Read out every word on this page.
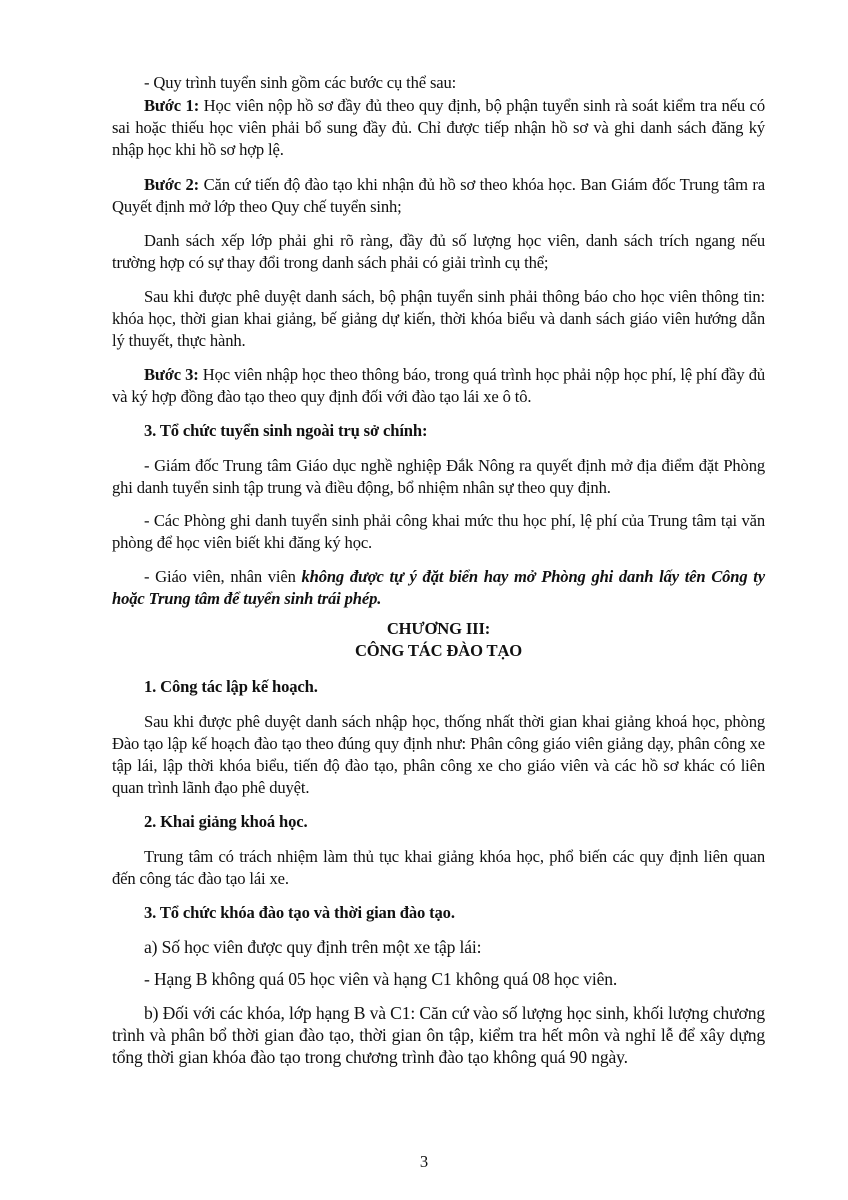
- Quy trình tuyển sinh gồm các bước cụ thể sau:
Bước 1: Học viên nộp hồ sơ đầy đủ theo quy định, bộ phận tuyển sinh rà soát kiểm tra nếu có sai hoặc thiếu học viên phải bổ sung đầy đủ. Chỉ được tiếp nhận hồ sơ và ghi danh sách đăng ký nhập học khi hồ sơ hợp lệ.
Bước 2: Căn cứ tiến độ đào tạo khi nhận đủ hồ sơ theo khóa học. Ban Giám đốc Trung tâm ra Quyết định mở lớp theo Quy chế tuyển sinh;
Danh sách xếp lớp phải ghi rõ ràng, đầy đủ số lượng học viên, danh sách trích ngang nếu trường hợp có sự thay đổi trong danh sách phải có giải trình cụ thể;
Sau khi được phê duyệt danh sách, bộ phận tuyển sinh phải thông báo cho học viên thông tin: khóa học, thời gian khai giảng, bế giảng dự kiến, thời khóa biểu và danh sách giáo viên hướng dẫn lý thuyết, thực hành.
Bước 3: Học viên nhập học theo thông báo, trong quá trình học phải nộp học phí, lệ phí đầy đủ và ký hợp đồng đào tạo theo quy định đối với đào tạo lái xe ô tô.
3. Tổ chức tuyển sinh ngoài trụ sở chính:
- Giám đốc Trung tâm Giáo dục nghề nghiệp Đắk Nông ra quyết định mở địa điểm đặt Phòng ghi danh tuyển sinh tập trung và điều động, bổ nhiệm nhân sự theo quy định.
- Các Phòng ghi danh tuyển sinh phải công khai mức thu học phí, lệ phí của Trung tâm tại văn phòng để học viên biết khi đăng ký học.
- Giáo viên, nhân viên không được tự ý đặt biển hay mở Phòng ghi danh lấy tên Công ty hoặc Trung tâm để tuyển sinh trái phép.
CHƯƠNG III:
CÔNG TÁC ĐÀO TẠO
1. Công tác lập kế hoạch.
Sau khi được phê duyệt danh sách nhập học, thống nhất thời gian khai giảng khoá học, phòng Đào tạo lập kế hoạch đào tạo theo đúng quy định như: Phân công giáo viên giảng dạy, phân công xe tập lái, lập thời khóa biểu, tiến độ đào tạo, phân công xe cho giáo viên và các hồ sơ khác có liên quan trình lãnh đạo phê duyệt.
2. Khai giảng khoá học.
Trung tâm có trách nhiệm làm thủ tục khai giảng khóa học, phổ biến các quy định liên quan đến công tác đào tạo lái xe.
3. Tổ chức khóa đào tạo và thời gian đào tạo.
a) Số học viên được quy định trên một xe tập lái:
- Hạng B không quá 05 học viên và hạng C1 không quá 08 học viên.
b) Đối với các khóa, lớp hạng B và C1: Căn cứ vào số lượng học sinh, khối lượng chương trình và phân bổ thời gian đào tạo, thời gian ôn tập, kiểm tra hết môn và nghỉ lễ để xây dựng tổng thời gian khóa đào tạo trong chương trình đào tạo không quá 90 ngày.
3
